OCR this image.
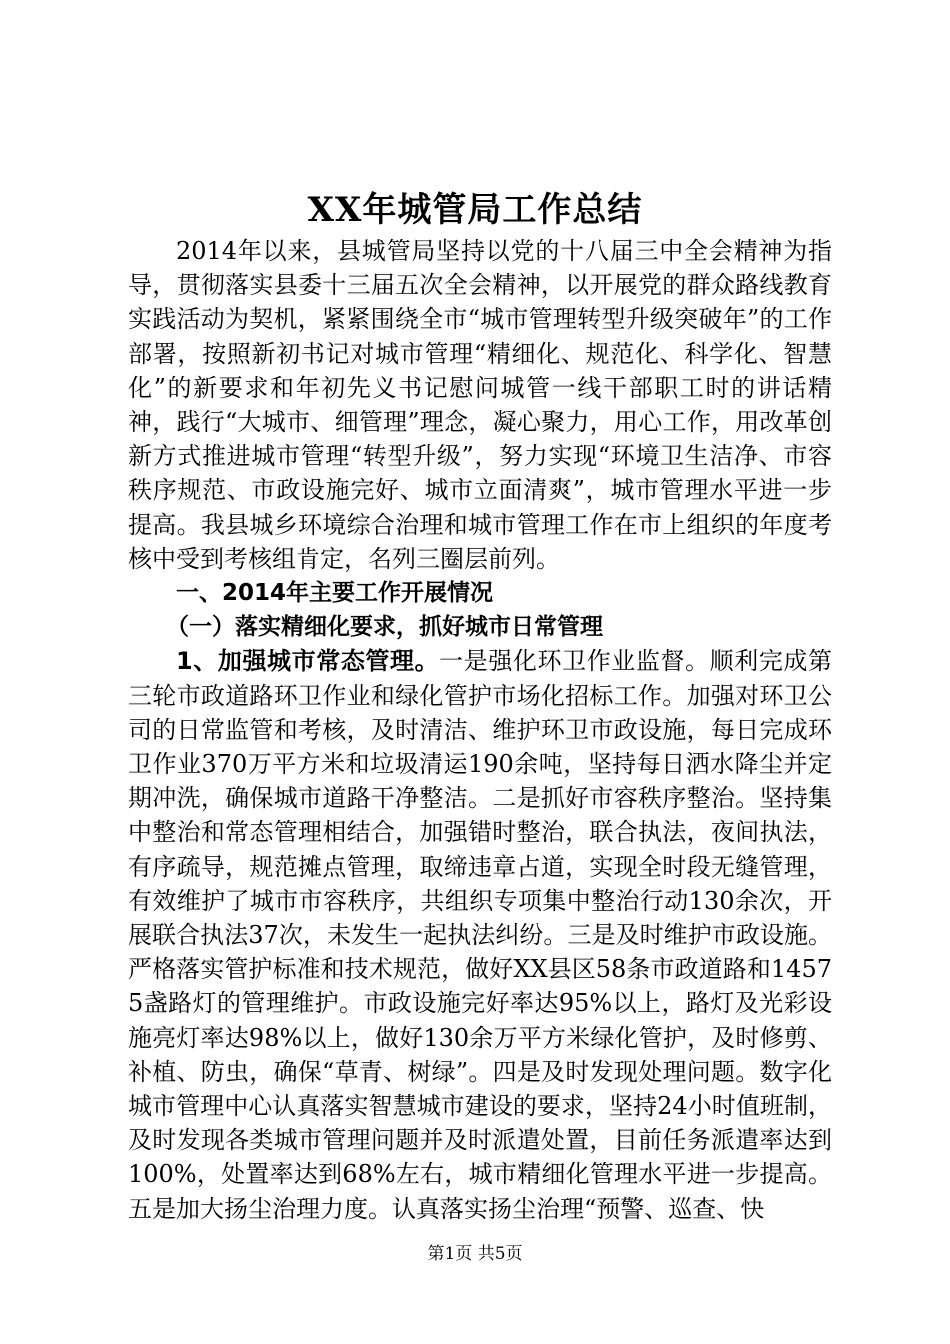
XX年城管局工作总结

2014年以来，县城管局坚持以党的十八届三中全会精神为指导，贯彻落实县委十三届五次全会精神，以开展党的群众路线教育实践活动为契机，紧紧围绕全市“城市管理转型升级突破年”的工作部署，按照新初书记对城市管理“精细化、规范化、科学化、智慧化”的新要求和年初先义书记慰问城管一线干部职工时的讲话精神，践行“大城市、细管理”理念，凝心聚力，用心工作，用改革创新方式推进城市管理“转型升级”，努力实现“环境卫生洁净、市容秩序规范、市政设施完好、城市立面清爽”，城市管理水平进一步提高。我县城乡环境综合治理和城市管理工作在市上组织的年度考核中受到考核组肯定，名列三圈层前列。

一、2014年主要工作开展情况

（一）落实精细化要求，抓好城市日常管理

1、加强城市常态管理。一是强化环卫作业监督。顺利完成第三轮市政道路环卫作业和绿化管护市场化招标工作。加强对环卫公司的日常监管和考核，及时清洁、维护环卫市政设施，每日完成环卫作业370万平方米和垃圾清运190余吨，坚持每日洒水降尘并定期冲洗，确保城市道路干净整洁。二是抓好市容秩序整治。坚持集中整治和常态管理相结合，加强错时整治，联合执法，夜间执法，有序疏导，规范摊点管理，取缔违章占道，实现全时段无缝管理，有效维护了城市市容秩序，共组织专项集中整治行动130余次，开展联合执法37次，未发生一起执法纠纷。三是及时维护市政设施。严格落实管护标准和技术规范，做好XX县区58条市政道路和14575盏路灯的管理维护。市政设施完好率达95%以上，路灯及光彩设施亮灯率达98%以上，做好130余万平方米绿化管护，及时修剪、补植、防虫，确保“草青、树绿”。四是及时发现处理问题。数字化城市管理中心认真落实智慧城市建设的要求，坚持24小时值班制，及时发现各类城市管理问题并及时派遣处置，目前任务派遣率达到100%，处置率达到68%左右，城市精细化管理水平进一步提高。五是加大扬尘治理力度。认真落实扬尘治理“预警、巡查、快

第1页 共5页
